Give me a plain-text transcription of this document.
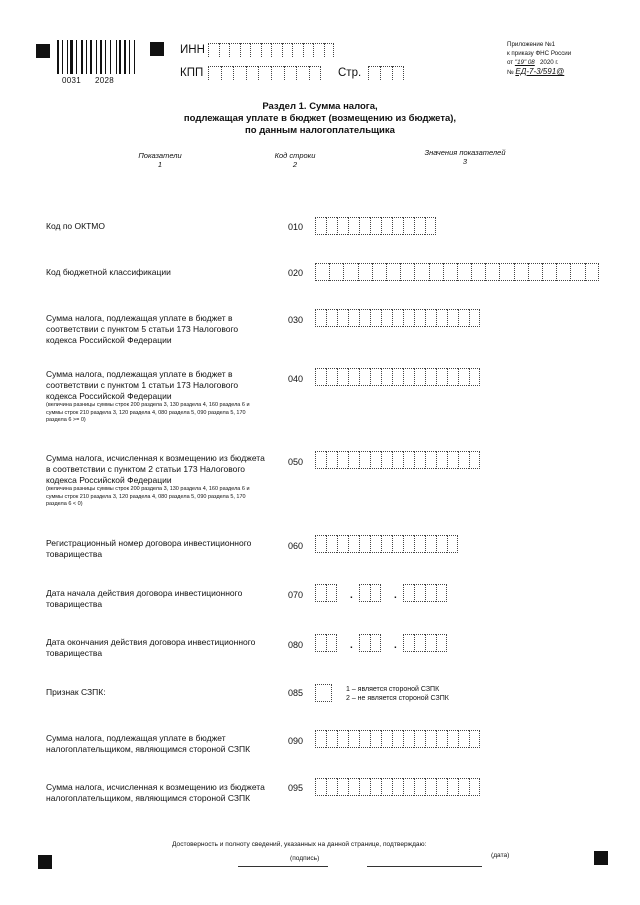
0031 2028
ИНН
КПП	Стр.
Приложение №1
к приказу ФНС России
от "19" 08 2020 г.
№ ЕД-7-3/591@
Раздел 1. Сумма налога,
подлежащая уплате в бюджет (возмещению из бюджета),
по данным налогоплательщика
Показатели
1
Код строки
2
Значения показателей
3
Код по ОКТМО	010
Код бюджетной классификации	020
Сумма налога, подлежащая уплате в бюджет в соответствии с пунктом 5 статьи 173 Налогового кодекса Российской Федерации
030
Сумма налога, подлежащая уплате в бюджет в соответствии с пунктом 1 статьи 173 Налогового кодекса Российской Федерации
(величина разницы суммы строк 200 раздела 3, 130 раздела 4, 160 раздела 6 и суммы строк 210 раздела 3, 120 раздела 4, 080 раздела 5, 090 раздела 5, 170 раздела 6 >= 0)
040
Сумма налога, исчисленная к возмещению из бюджета в соответствии с пунктом 2 статьи 173 Налогового кодекса Российской Федерации
(величина разницы суммы строк 200 раздела 3, 130 раздела 4, 160 раздела 6 и суммы строк 210 раздела 3, 120 раздела 4, 080 раздела 5, 090 раздела 5, 170 раздела 6 < 0)
050
Регистрационный номер договора инвестиционного товарищества
060
Дата начала действия договора инвестиционного товарищества
070	.	.
Дата окончания действия договора инвестиционного товарищества
080	.	.
Признак СЗПК:	085	1 – является стороной СЗПК
2 – не является стороной СЗПК
Сумма налога, подлежащая уплате в бюджет налогоплательщиком, являющимся стороной СЗПК
090
Сумма налога, исчисленная к возмещению из бюджета налогоплательщиком, являющимся стороной СЗПК
095
Достоверность и полноту сведений, указанных на данной странице, подтверждаю:
(подпись)	(дата)
